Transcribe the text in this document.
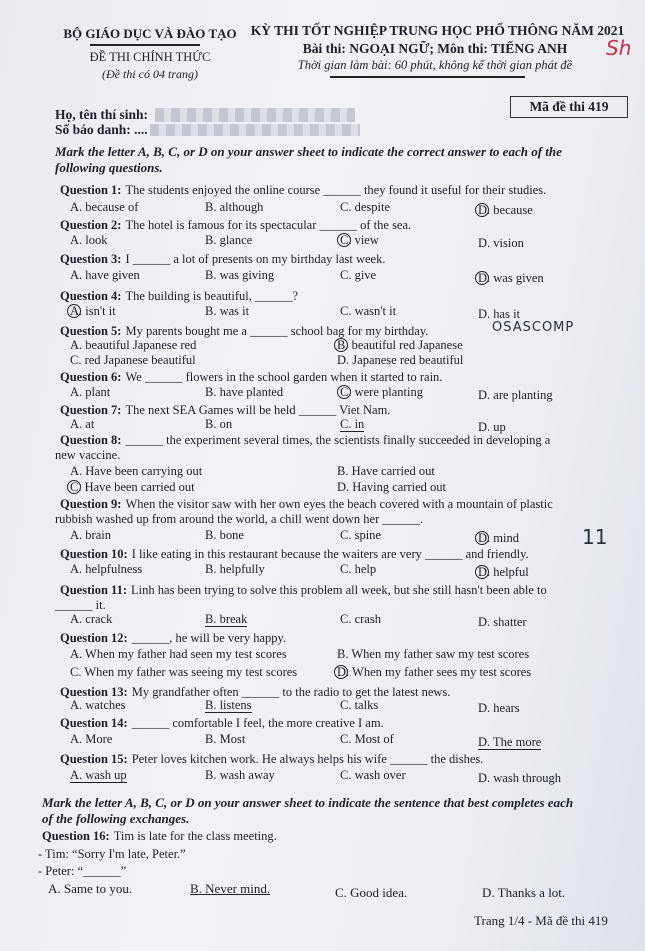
BỘ GIÁO DỤC VÀ ĐÀO TẠO
ĐỀ THI CHÍNH THỨC
(Đề thi có 04 trang)
KỲ THI TỐT NGHIỆP TRUNG HỌC PHỔ THÔNG NĂM 2021
Bài thi: NGOẠI NGỮ; Môn thi: TIẾNG ANH
Thời gian làm bài: 60 phút, không kể thời gian phát đề
Sh
Mã đề thi 419
Họ, tên thí sinh:
Số báo danh: ....
Mark the letter A, B, C, or D on your answer sheet to indicate the correct answer to each of the
following questions.
Question 1: The students enjoyed the online course ______ they found it useful for their studies.
A. because of	B. although	C. despite	D. because
Question 2: The hotel is famous for its spectacular ______ of the sea.
A. look	B. glance	C. view	D. vision
Question 3: I ______ a lot of presents on my birthday last week.
A. have given	B. was giving	C. give	D. was given
Question 4: The building is beautiful, ______?
A. isn't it	B. was it	C. wasn't it	D. has it
Question 5: My parents bought me a ______ school bag for my birthday.
A. beautiful Japanese red	B. beautiful red Japanese
C. red Japanese beautiful	D. Japanese red beautiful
Question 6: We ______ flowers in the school garden when it started to rain.
A. plant	B. have planted	C. were planting	D. are planting
Question 7: The next SEA Games will be held ______ Viet Nam.
A. at	B. on	C. in	D. up
Question 8: ______ the experiment several times, the scientists finally succeeded in developing a
new vaccine.
A. Have been carrying out	B. Have carried out
C. Have been carried out	D. Having carried out
Question 9: When the visitor saw with her own eyes the beach covered with a mountain of plastic
rubbish washed up from around the world, a chill went down her ______.
A. brain	B. bone	C. spine	D. mind
Question 10: I like eating in this restaurant because the waiters are very ______ and friendly.
A. helpfulness	B. helpfully	C. help	D. helpful
Question 11: Linh has been trying to solve this problem all week, but she still hasn't been able to
______ it.
A. crack	B. break	C. crash	D. shatter
Question 12: ______, he will be very happy.
A. When my father had seen my test scores	B. When my father saw my test scores
C. When my father was seeing my test scores	D. When my father sees my test scores
Question 13: My grandfather often ______ to the radio to get the latest news.
A. watches	B. listens	C. talks	D. hears
Question 14: ______ comfortable I feel, the more creative I am.
A. More	B. Most	C. Most of	D. The more
Question 15: Peter loves kitchen work. He always helps his wife ______ the dishes.
A. wash up	B. wash away	C. wash over	D. wash through
Mark the letter A, B, C, or D on your answer sheet to indicate the sentence that best completes each
of the following exchanges.
Question 16: Tim is late for the class meeting.
- Tim: “Sorry I'm late, Peter.”
- Peter: “______”
A. Same to you.	B. Never mind.	C. Good idea.	D. Thanks a lot.
OSASCOMP
11
Trang 1/4 - Mã đề thi 419
